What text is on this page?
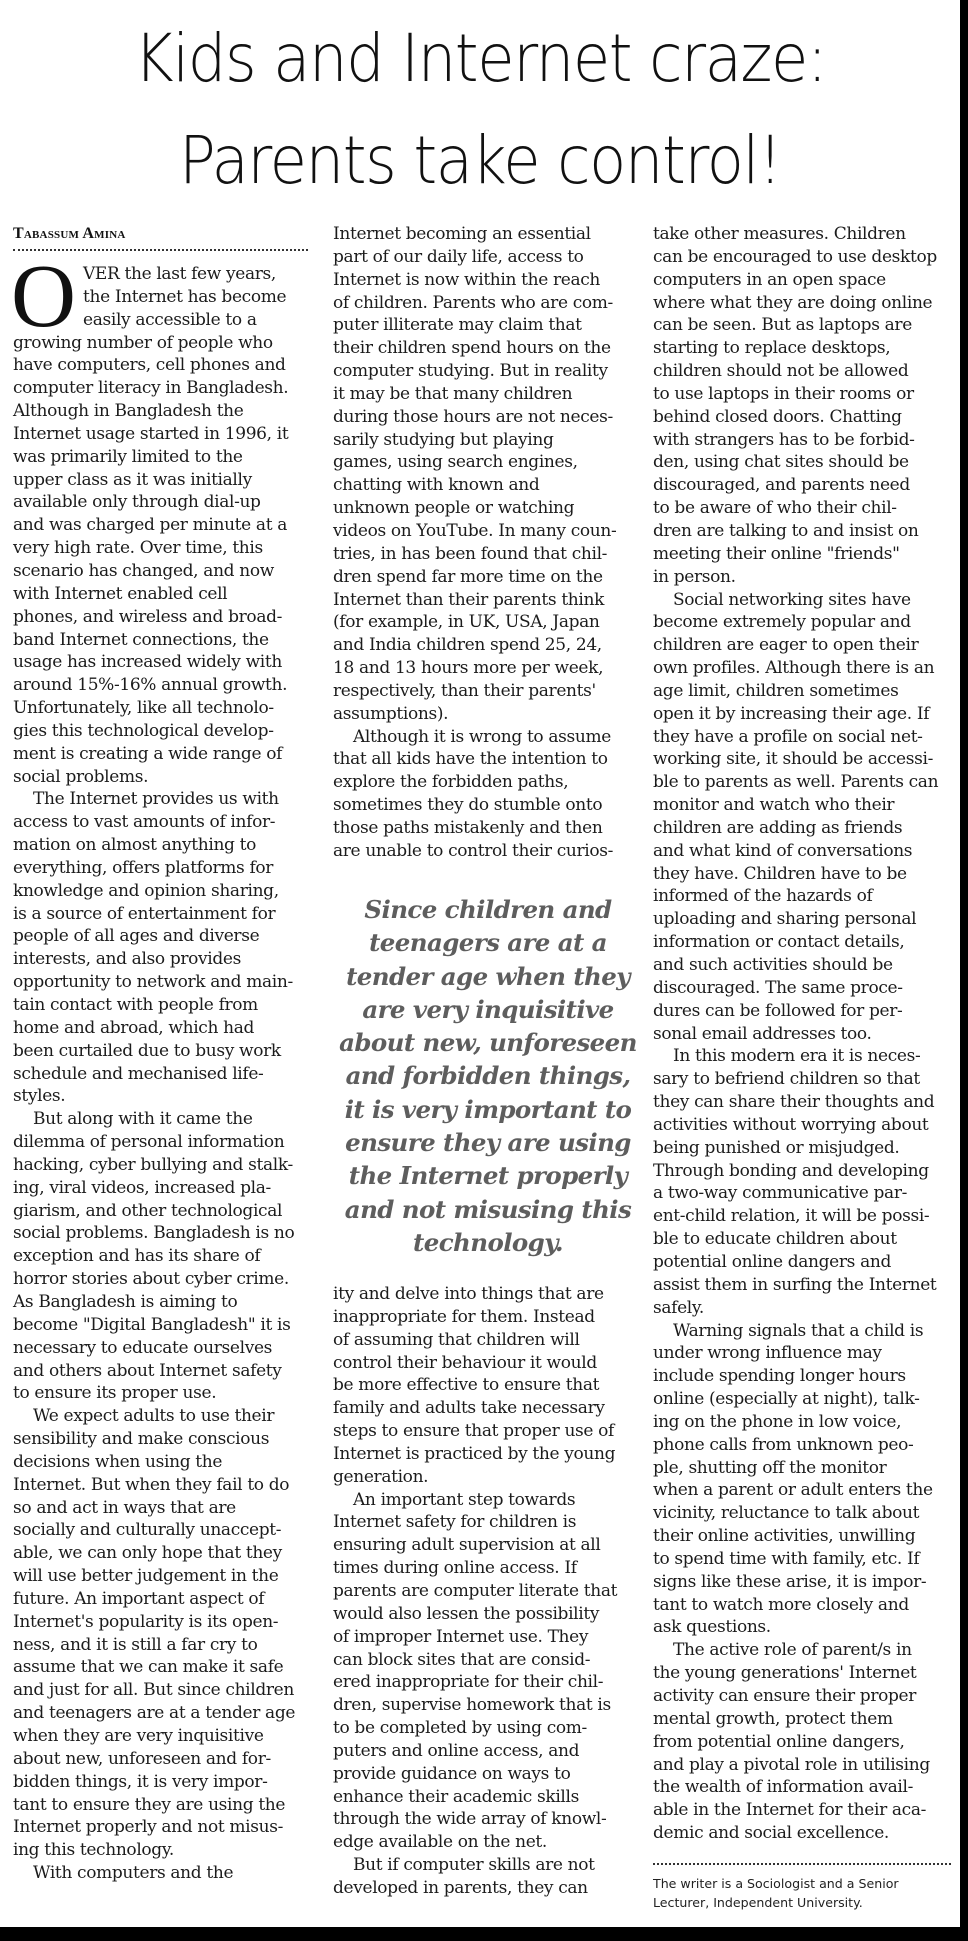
Kids and Internet craze:
Parents take control!
Tabassum Amina
O VER the last few years,
the Internet has become
easily accessible to a
growing number of people who
have computers, cell phones and
computer literacy in Bangladesh.
Although in Bangladesh the
Internet usage started in 1996, it
was primarily limited to the
upper class as it was initially
available only through dial-up
and was charged per minute at a
very high rate. Over time, this
scenario has changed, and now
with Internet enabled cell
phones, and wireless and broad-
band Internet connections, the
usage has increased widely with
around 15%-16% annual growth.
Unfortunately, like all technolo-
gies this technological develop-
ment is creating a wide range of
social problems.
The Internet provides us with
access to vast amounts of infor-
mation on almost anything to
everything, offers platforms for
knowledge and opinion sharing,
is a source of entertainment for
people of all ages and diverse
interests, and also provides
opportunity to network and main-
tain contact with people from
home and abroad, which had
been curtailed due to busy work
schedule and mechanised life-
styles.
But along with it came the
dilemma of personal information
hacking, cyber bullying and stalk-
ing, viral videos, increased pla-
giarism, and other technological
social problems. Bangladesh is no
exception and has its share of
horror stories about cyber crime.
As Bangladesh is aiming to
become "Digital Bangladesh" it is
necessary to educate ourselves
and others about Internet safety
to ensure its proper use.
We expect adults to use their
sensibility and make conscious
decisions when using the
Internet. But when they fail to do
so and act in ways that are
socially and culturally unaccept-
able, we can only hope that they
will use better judgement in the
future. An important aspect of
Internet's popularity is its open-
ness, and it is still a far cry to
assume that we can make it safe
and just for all. But since children
and teenagers are at a tender age
when they are very inquisitive
about new, unforeseen and for-
bidden things, it is very impor-
tant to ensure they are using the
Internet properly and not misus-
ing this technology.
With computers and the
Internet becoming an essential
part of our daily life, access to
Internet is now within the reach
of children. Parents who are com-
puter illiterate may claim that
their children spend hours on the
computer studying. But in reality
it may be that many children
during those hours are not neces-
sarily studying but playing
games, using search engines,
chatting with known and
unknown people or watching
videos on YouTube. In many coun-
tries, in has been found that chil-
dren spend far more time on the
Internet than their parents think
(for example, in UK, USA, Japan
and India children spend 25, 24,
18 and 13 hours more per week,
respectively, than their parents'
assumptions).
Although it is wrong to assume
that all kids have the intention to
explore the forbidden paths,
sometimes they do stumble onto
those paths mistakenly and then
are unable to control their curios-
Since children and
teenagers are at a
tender age when they
are very inquisitive
about new, unforeseen
and forbidden things,
it is very important to
ensure they are using
the Internet properly
and not misusing this
technology.
ity and delve into things that are
inappropriate for them. Instead
of assuming that children will
control their behaviour it would
be more effective to ensure that
family and adults take necessary
steps to ensure that proper use of
Internet is practiced by the young
generation.
An important step towards
Internet safety for children is
ensuring adult supervision at all
times during online access. If
parents are computer literate that
would also lessen the possibility
of improper Internet use. They
can block sites that are consid-
ered inappropriate for their chil-
dren, supervise homework that is
to be completed by using com-
puters and online access, and
provide guidance on ways to
enhance their academic skills
through the wide array of knowl-
edge available on the net.
But if computer skills are not
developed in parents, they can
take other measures. Children
can be encouraged to use desktop
computers in an open space
where what they are doing online
can be seen. But as laptops are
starting to replace desktops,
children should not be allowed
to use laptops in their rooms or
behind closed doors. Chatting
with strangers has to be forbid-
den, using chat sites should be
discouraged, and parents need
to be aware of who their chil-
dren are talking to and insist on
meeting their online "friends"
in person.
Social networking sites have
become extremely popular and
children are eager to open their
own profiles. Although there is an
age limit, children sometimes
open it by increasing their age. If
they have a profile on social net-
working site, it should be accessi-
ble to parents as well. Parents can
monitor and watch who their
children are adding as friends
and what kind of conversations
they have. Children have to be
informed of the hazards of
uploading and sharing personal
information or contact details,
and such activities should be
discouraged. The same proce-
dures can be followed for per-
sonal email addresses too.
In this modern era it is neces-
sary to befriend children so that
they can share their thoughts and
activities without worrying about
being punished or misjudged.
Through bonding and developing
a two-way communicative par-
ent-child relation, it will be possi-
ble to educate children about
potential online dangers and
assist them in surfing the Internet
safely.
Warning signals that a child is
under wrong influence may
include spending longer hours
online (especially at night), talk-
ing on the phone in low voice,
phone calls from unknown peo-
ple, shutting off the monitor
when a parent or adult enters the
vicinity, reluctance to talk about
their online activities, unwilling
to spend time with family, etc. If
signs like these arise, it is impor-
tant to watch more closely and
ask questions.
The active role of parent/s in
the young generations' Internet
activity can ensure their proper
mental growth, protect them
from potential online dangers,
and play a pivotal role in utilising
the wealth of information avail-
able in the Internet for their aca-
demic and social excellence.
The writer is a Sociologist and a Senior
Lecturer, Independent University.
